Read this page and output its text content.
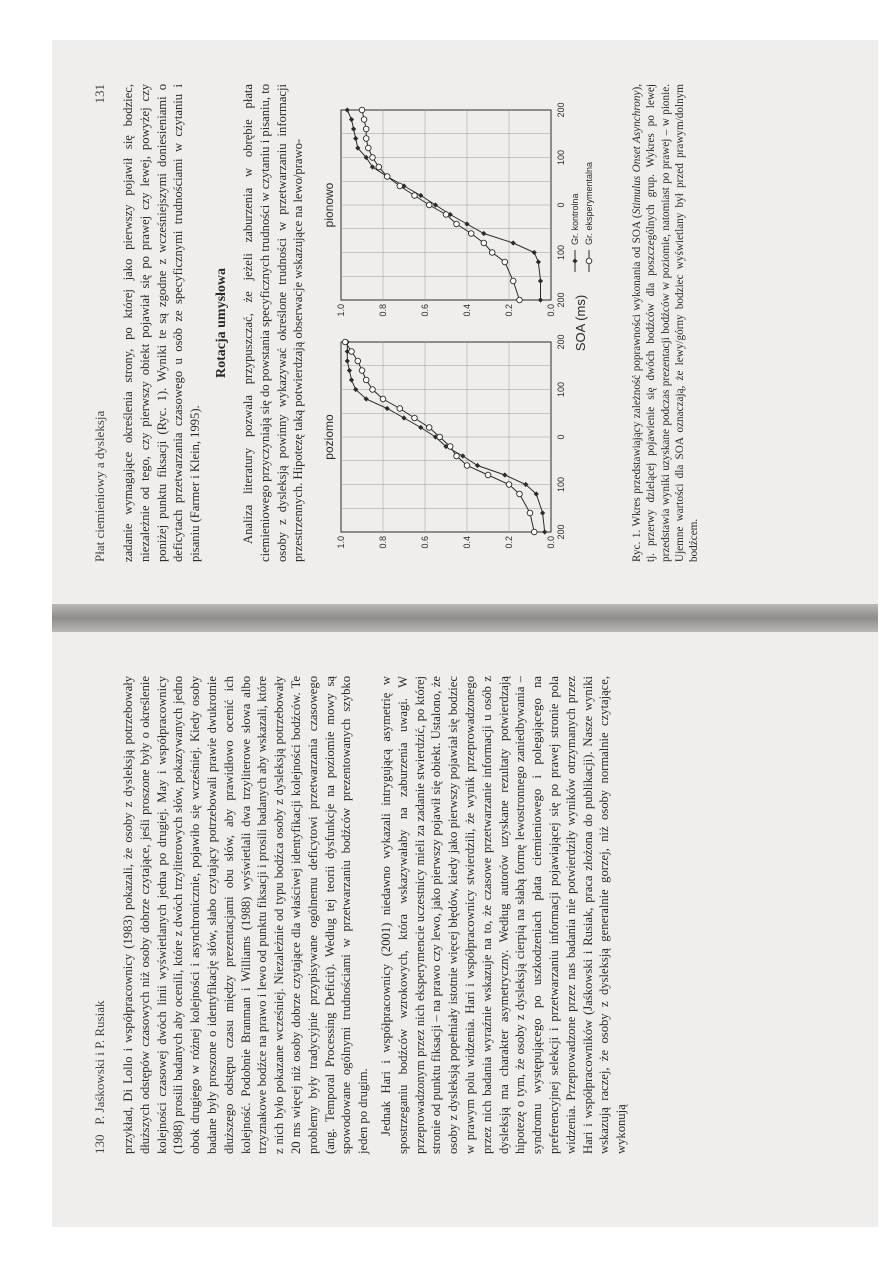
Płat ciemieniowy a dysleksja
131 zadanie wymagające określenia strony, po której jako pierwszy pojawił się bodziec, niezależnie od tego, czy pierwszy obiekt pojawiał się po prawej czy lewej, powyżej czy poniżej punktu fiksacji (Ryc. 1). Wyniki te są zgodne z wcześniejszymi doniesieniami o deficytach przetwarzania czasowego u osób ze specyficznymi trudnościami w czytaniu i pisaniu (Farmer i Klein, 1995).

Rotacja umysłowa Analiza literatury pozwala przypuszczać, że jeżeli zaburzenia w obrębie płata ciemieniowego przyczyniają się do powstania specyficznych trudności w czytaniu i pisaniu, to osoby z dysleksją powinny wykazywać określone trudności w przetwarzaniu informacji przestrzennych. Hipotezę taką potwierdzają obserwacje wskazujące na lewo/prawo- poziomo
0.0
0.2
0.4
0.6
0.8
1.0
200
100
0
100
200
pionowo
0.0
0.2
0.4
0.6
0.8
1.0
200
100
0
100
200
SOA (ms)
Gr. kontrolna Gr. eksperymentalna

Ryc. 1. Wkres przedstawiający zależność poprawności wykonania od SOA (Stimulus Onset Asynchrony), tj. przerwy dzielącej pojawienie się dwóch bodźców dla poszczególnych grup. Wykres po lewej przedstawia wyniki uzyskane podczas prezentacji bodźców w poziomie, natomiast po prawej – w pionie. Ujemne wartości dla SOA oznaczają, że lewy/górny bodziec wyświetlany był przed prawym/dolnym bodźcem.

130   P. Jaśkowski i P. Rusiak przykład, Di Lollo i współpracownicy (1983) pokazali, że osoby z dysleksją potrzebowały dłuższych odstępów czasowych niż osoby dobrze czytające, jeśli proszone były o określenie kolejności czasowej dwóch linii wyświetlanych jedna po drugiej. May i współpracownicy (1988) prosili badanych aby ocenili, które z dwóch trzyliterowych słów, pokazywanych jedno obok drugiego w różnej kolejności i asynchronicznie, pojawiło się wcześniej. Kiedy osoby badane były proszone o identyfikację słów, słabo czytający potrzebowali prawie dwukrotnie dłuższego odstępu czasu między prezentacjami obu słów, aby prawidłowo ocenić ich kolejność. Podobnie Branman i Williams (1988) wyświetlali dwa trzyliterowe słowa albo trzyznakowe bodźce na prawo i lewo od punktu fiksacji i prosili badanych aby wskazali, które z nich było pokazane wcześniej. Niezależnie od typu bodźca osoby z dysleksją potrzebowały 20 ms więcej niż osoby dobrze czytające dla właściwej identyfikacji kolejności bodźców. Te problemy były tradycyjnie przypisywane ogólnemu deficytowi przetwarzania czasowego (ang. Temporal Processing Deficit). Według tej teorii dysfunkcje na poziomie mowy są spowodowane ogólnymi trudnościami w przetwarzaniu bodźców prezentowanych szybko jeden po drugim. Jednak Hari i współpracownicy (2001) niedawno wykazali intrygującą asymetrię w spostrzeganiu bodźców wzrokowych, która wskazywałaby na zaburzenia uwagi. W przeprowadzonym przez nich eksperymencie uczestnicy mieli za zadanie stwierdzić, po której stronie od punktu fiksacji – na prawo czy lewo, jako pierwszy pojawił się obiekt. Ustalono, że osoby z dysleksją popełniały istotnie więcej błędów, kiedy jako pierwszy pojawiał się bodziec w prawym polu widzenia. Hari i współpracownicy stwierdzili, że wynik przeprowadzonego przez nich badania wyraźnie wskazuje na to, że czasowe przetwarzanie informacji u osób z dysleksją ma charakter asymetryczny. Według autorów uzyskane rezultaty potwierdzają hipotezę o tym, że osoby z dysleksją cierpią na słabą formę lewostronnego zaniedbywania – syndromu występującego po uszkodzeniach płata ciemieniowego i polegającego na preferencyjnej selekcji i przetwarzaniu informacji pojawiającej się po prawej stronie pola widzenia. Przeprowadzone przez nas badania nie potwierdziły wyników otrzymanych przez Hari i współpracowników (Jaśkowski i Rusiak, praca złożona do publikacji). Nasze wyniki wskazują raczej, że osoby z dysleksją generalnie gorzej, niż osoby normalnie czytające, wykonują
